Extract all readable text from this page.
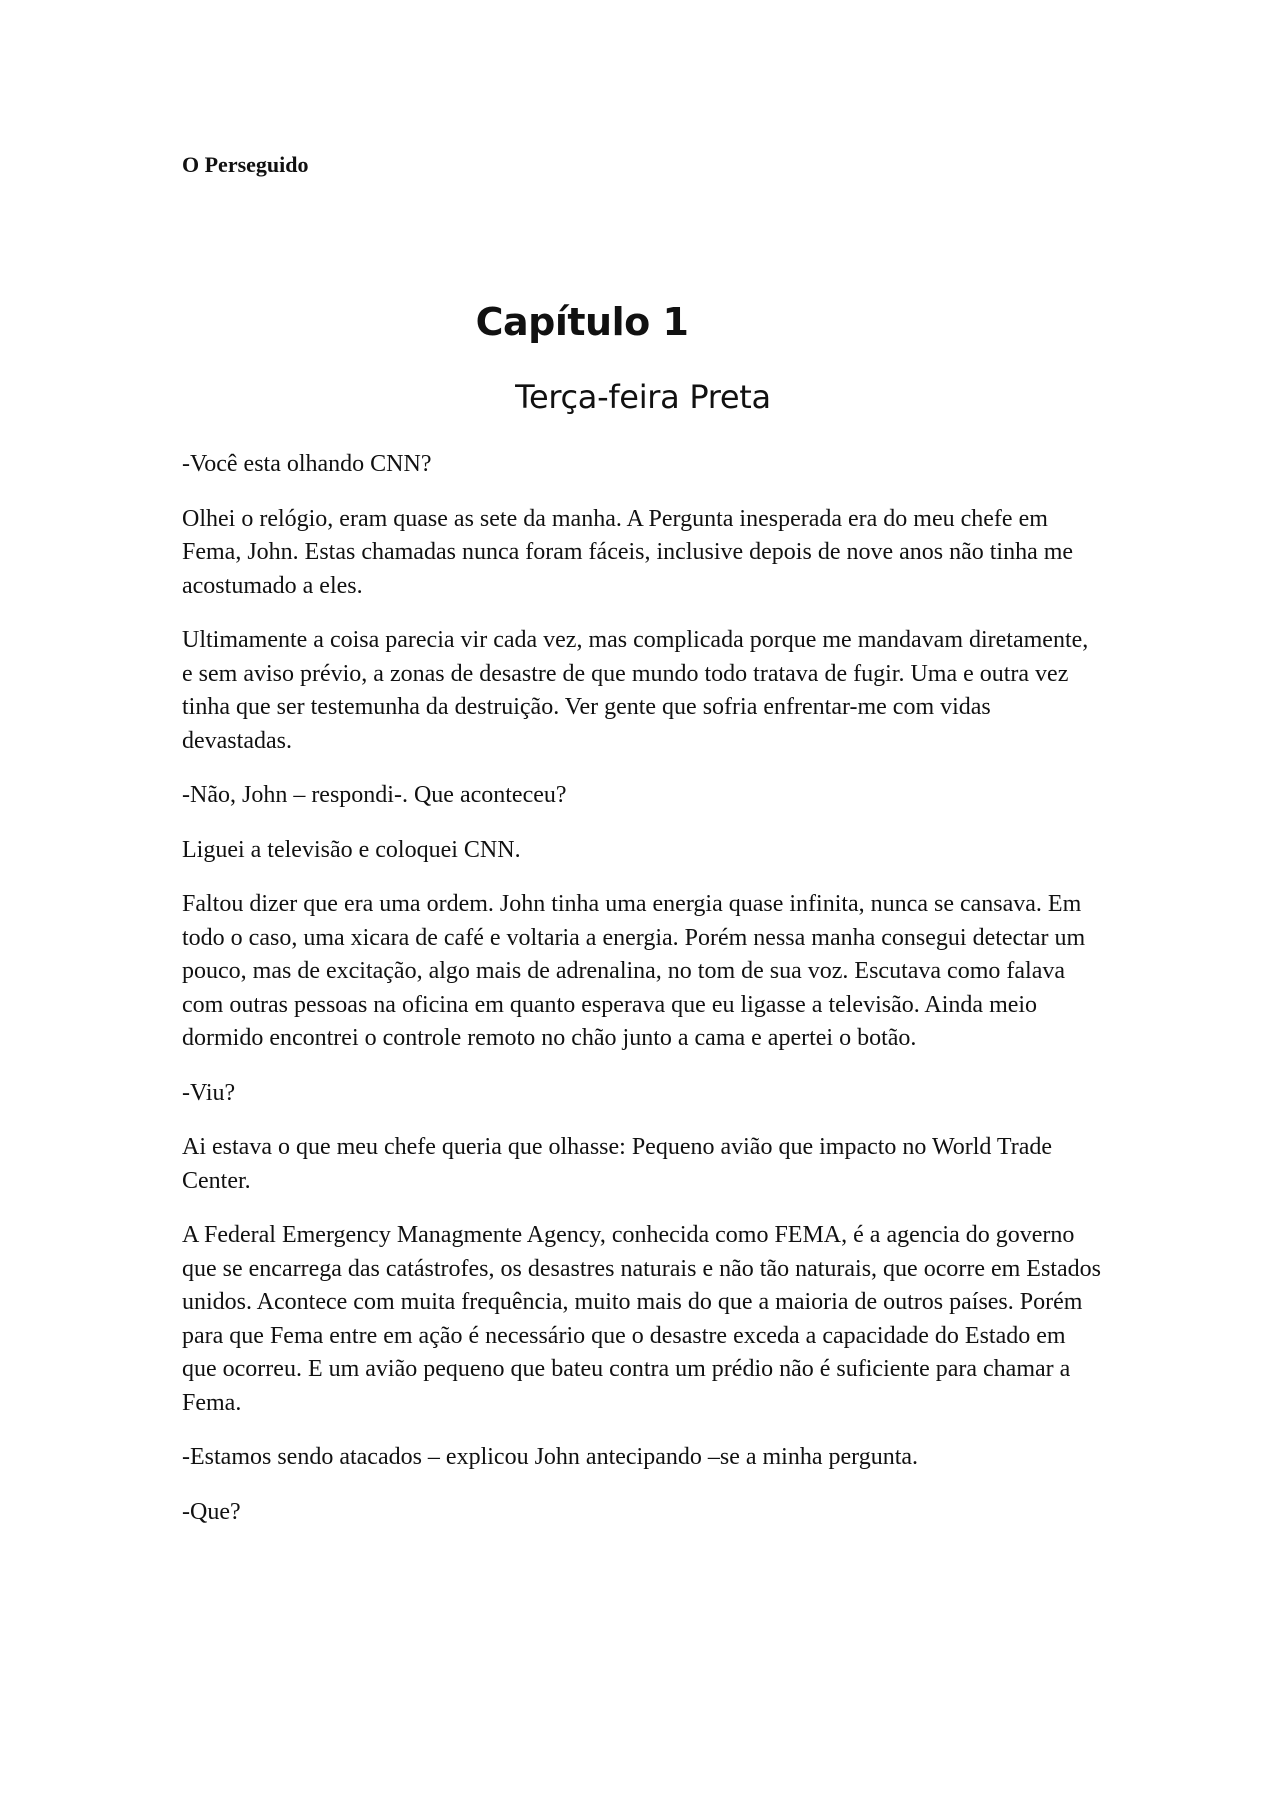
O Perseguido
Capítulo 1
Terça-feira Preta

-Você esta olhando CNN?

Olhei o relógio, eram quase as sete da manha. A Pergunta inesperada era do meu chefe em Fema, John. Estas chamadas nunca foram fáceis, inclusive depois de nove anos não tinha me acostumado a eles.

Ultimamente a coisa parecia vir cada vez, mas complicada porque me mandavam diretamente, e sem aviso prévio, a zonas de desastre de que mundo todo tratava de fugir. Uma e outra vez tinha que ser testemunha da destruição. Ver gente que sofria enfrentar-me com vidas devastadas.

-Não, John – respondi-. Que aconteceu?

Liguei a televisão e coloquei CNN.

Faltou dizer que era uma ordem. John tinha uma energia quase infinita, nunca se cansava. Em todo o caso, uma xicara de café e voltaria a energia. Porém nessa manha consegui detectar um pouco, mas de excitação, algo mais de adrenalina, no tom de sua voz. Escutava como falava com outras pessoas na oficina em quanto esperava que eu ligasse a televisão. Ainda meio dormido encontrei o controle remoto no chão junto a cama e apertei o botão.

-Viu?

Ai estava o que meu chefe queria que olhasse: Pequeno avião que impacto no World Trade Center.

A Federal Emergency Managmente Agency, conhecida como FEMA, é a agencia do governo que se encarrega das catástrofes, os desastres naturais e não tão naturais, que ocorre em Estados unidos. Acontece com muita frequência, muito mais do que a maioria de outros países. Porém para que Fema entre em ação é necessário que o desastre exceda a capacidade do Estado em que ocorreu. E um avião pequeno que bateu contra um prédio não é suficiente para chamar a Fema.

-Estamos sendo atacados – explicou John antecipando –se a minha pergunta.

-Que?
